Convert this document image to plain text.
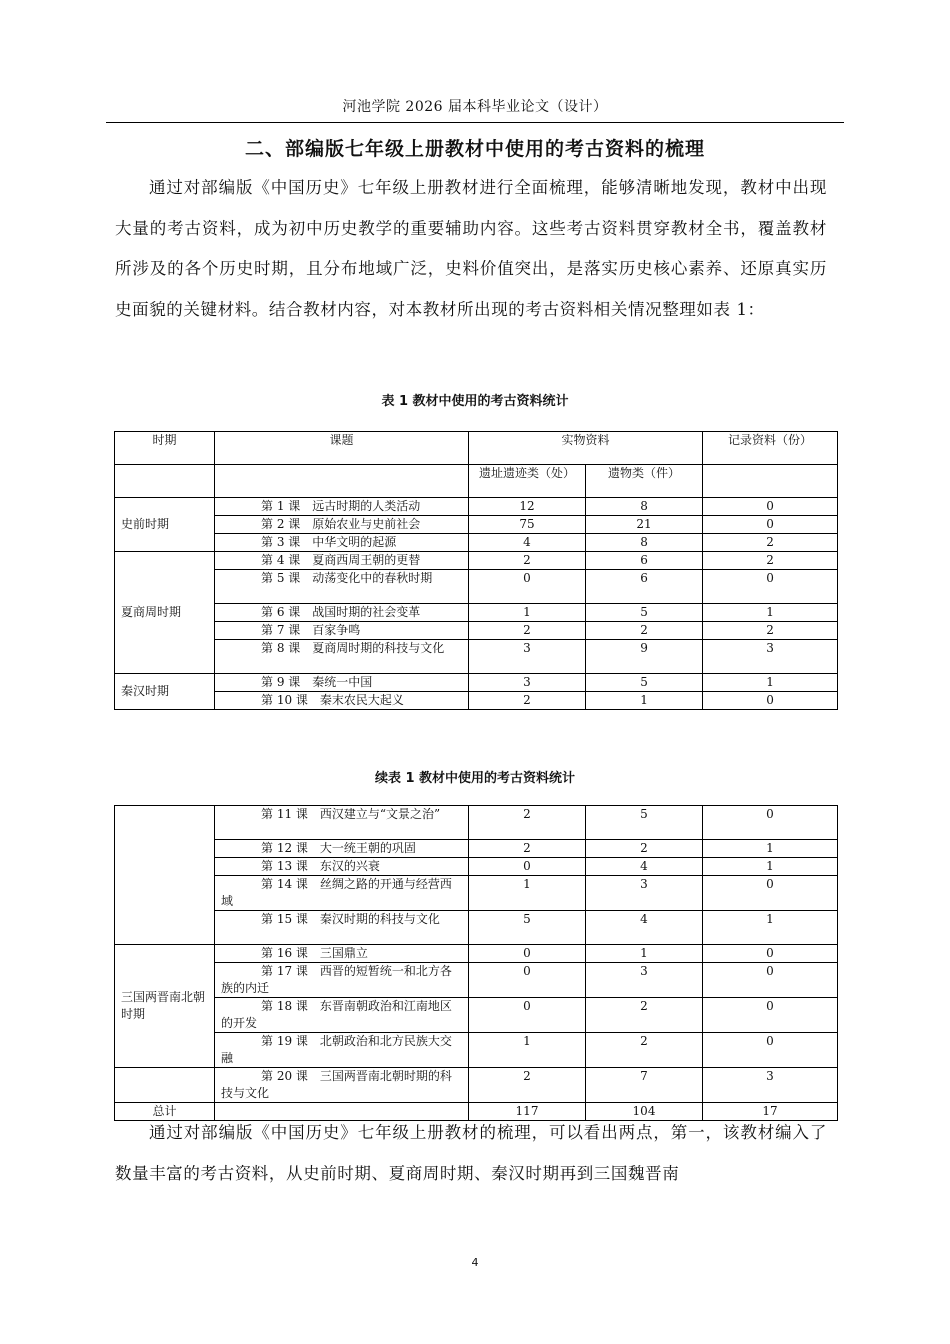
河池学院 2026 届本科毕业论文（设计）
二、部编版七年级上册教材中使用的考古资料的梳理
通过对部编版《中国历史》七年级上册教材进行全面梳理，能够清晰地发现，教材中出现大量的考古资料，成为初中历史教学的重要辅助内容。这些考古资料贯穿教材全书，覆盖教材所涉及的各个历史时期，且分布地域广泛，史料价值突出，是落实历史核心素养、还原真实历史面貌的关键材料。结合教材内容，对本教材所出现的考古资料相关情况整理如表 1：
表 1 教材中使用的考古资料统计
时期	课题	实物资料		记录资料（份）
		遗址遗迹类（处）	遗物类（件）	
史前时期	第 1 课　远古时期的人类活动	12	8	0
	第 2 课　原始农业与史前社会	75	21	0
	第 3 课　中华文明的起源	4	8	2
夏商周时期	第 4 课　夏商西周王朝的更替	2	6	2
	第 5 课　动荡变化中的春秋时期	0	6	0
	第 6 课　战国时期的社会变革	1	5	1
	第 7 课　百家争鸣	2	2	2
	第 8 课　夏商周时期的科技与文化	3	9	3
秦汉时期	第 9 课　秦统一中国	3	5	1
	第 10 课　秦末农民大起义	2	1	0
续表 1 教材中使用的考古资料统计
	第 11 课　西汉建立与“文景之治”	2	5	0
	第 12 课　大一统王朝的巩固	2	2	1
	第 13 课　东汉的兴衰	0	4	1
	第 14 课　丝绸之路的开通与经营西域	1	3	0
	第 15 课　秦汉时期的科技与文化	5	4	1
三国两晋南北朝时期	第 16 课　三国鼎立	0	1	0
	第 17 课　西晋的短暂统一和北方各族的内迁	0	3	0
	第 18 课　东晋南朝政治和江南地区的开发	0	2	0
	第 19 课　北朝政治和北方民族大交融	1	2	0
	第 20 课　三国两晋南北朝时期的科技与文化	2	7	3
总计		117	104	17
通过对部编版《中国历史》七年级上册教材的梳理，可以看出两点，第一，该教材编入了数量丰富的考古资料，从史前时期、夏商周时期、秦汉时期再到三国魏晋南
4
